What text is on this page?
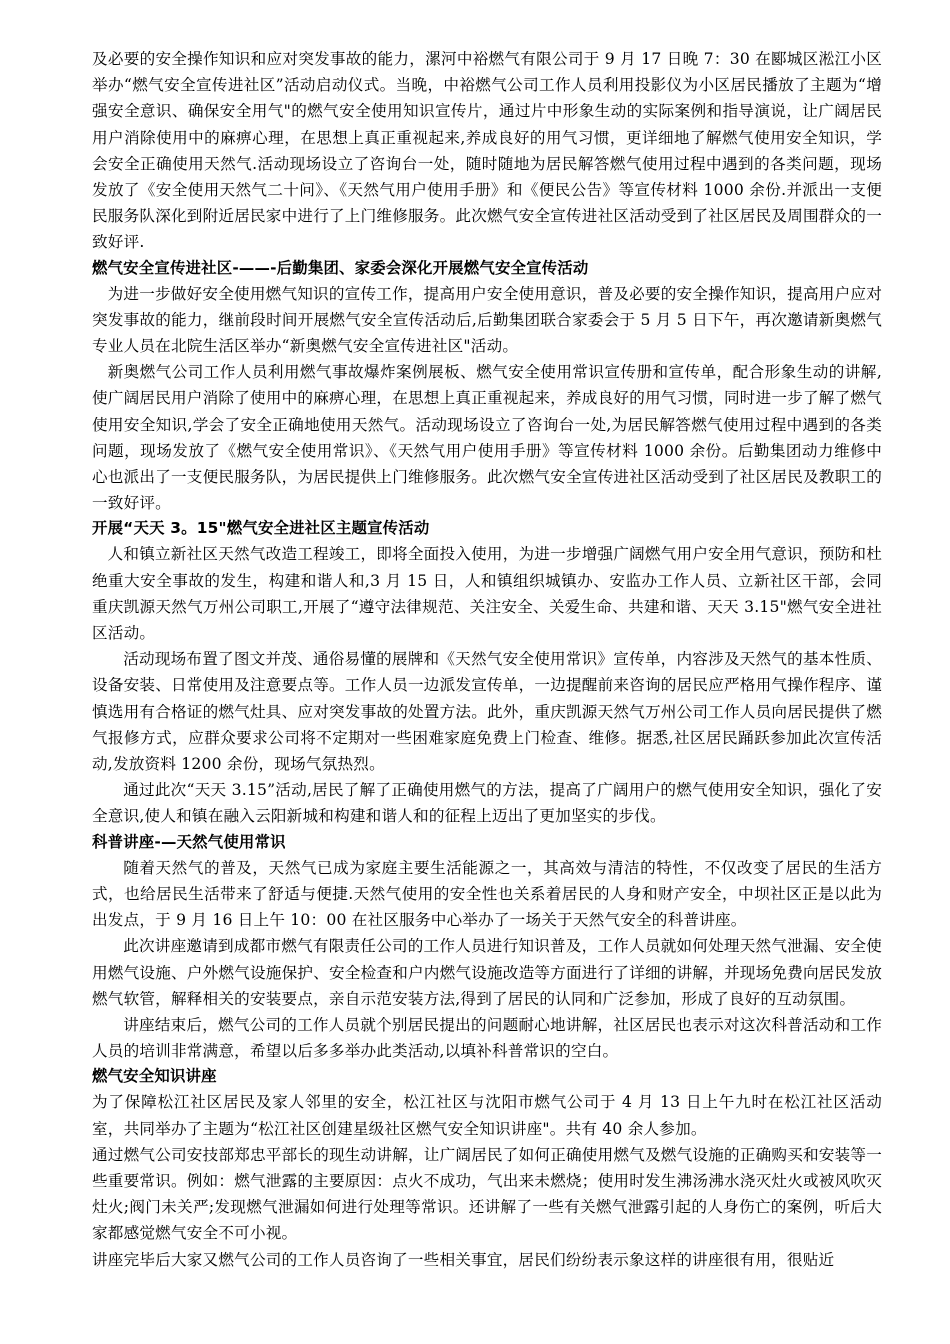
及必要的安全操作知识和应对突发事故的能力，漯河中裕燃气有限公司于 9 月 17 日晚 7：30 在郾城区淞江小区举办“燃气安全宣传进社区”活动启动仪式。当晚，中裕燃气公司工作人员利用投影仪为小区居民播放了主题为“增强安全意识、确保安全用气"的燃气安全使用知识宣传片，通过片中形象生动的实际案例和指导演说，让广阔居民用户消除使用中的麻痹心理，在思想上真正重视起来,养成良好的用气习惯，更详细地了解燃气使用安全知识，学会安全正确使用天然气.活动现场设立了咨询台一处，随时随地为居民解答燃气使用过程中遇到的各类问题，现场发放了《安全使用天然气二十问》、《天然气用户使用手册》和《便民公告》等宣传材料 1000 余份.并派出一支便民服务队深化到附近居民家中进行了上门维修服务。此次燃气安全宣传进社区活动受到了社区居民及周围群众的一致好评.

燃气安全宣传进社区-——-后勤集团、家委会深化开展燃气安全宣传活动

为进一步做好安全使用燃气知识的宣传工作，提高用户安全使用意识，普及必要的安全操作知识，提高用户应对突发事故的能力，继前段时间开展燃气安全宣传活动后,后勤集团联合家委会于 5 月 5 日下午，再次邀请新奥燃气专业人员在北院生活区举办“新奥燃气安全宣传进社区"活动。

新奥燃气公司工作人员利用燃气事故爆炸案例展板、燃气安全使用常识宣传册和宣传单，配合形象生动的讲解,使广阔居民用户消除了使用中的麻痹心理，在思想上真正重视起来，养成良好的用气习惯，同时进一步了解了燃气使用安全知识,学会了安全正确地使用天然气。活动现场设立了咨询台一处,为居民解答燃气使用过程中遇到的各类问题，现场发放了《燃气安全使用常识》、《天然气用户使用手册》等宣传材料 1000 余份。后勤集团动力维修中心也派出了一支便民服务队，为居民提供上门维修服务。此次燃气安全宣传进社区活动受到了社区居民及教职工的一致好评。

开展“天天 3。15"燃气安全进社区主题宣传活动

人和镇立新社区天然气改造工程竣工，即将全面投入使用，为进一步增强广阔燃气用户安全用气意识，预防和杜绝重大安全事故的发生，构建和谐人和,3 月 15 日，人和镇组织城镇办、安监办工作人员、立新社区干部，会同重庆凯源天然气万州公司职工,开展了“遵守法律规范、关注安全、关爱生命、共建和谐、天天 3.15"燃气安全进社区活动。

活动现场布置了图文并茂、通俗易懂的展牌和《天然气安全使用常识》宣传单，内容涉及天然气的基本性质、设备安装、日常使用及注意要点等。工作人员一边派发宣传单，一边提醒前来咨询的居民应严格用气操作程序、谨慎选用有合格证的燃气灶具、应对突发事故的处置方法。此外，重庆凯源天然气万州公司工作人员向居民提供了燃气报修方式，应群众要求公司将不定期对一些困难家庭免费上门检查、维修。据悉,社区居民踊跃参加此次宣传活动,发放资料 1200 余份，现场气氛热烈。

通过此次“天天 3.15”活动,居民了解了正确使用燃气的方法，提高了广阔用户的燃气使用安全知识，强化了安全意识,使人和镇在融入云阳新城和构建和谐人和的征程上迈出了更加坚实的步伐。

科普讲座-—天然气使用常识

随着天然气的普及，天然气已成为家庭主要生活能源之一，其高效与清洁的特性，不仅改变了居民的生活方式，也给居民生活带来了舒适与便捷.天然气使用的安全性也关系着居民的人身和财产安全，中坝社区正是以此为出发点，于 9 月 16 日上午 10：00 在社区服务中心举办了一场关于天然气安全的科普讲座。

此次讲座邀请到成都市燃气有限责任公司的工作人员进行知识普及，工作人员就如何处理天然气泄漏、安全使用燃气设施、户外燃气设施保护、安全检查和户内燃气设施改造等方面进行了详细的讲解，并现场免费向居民发放燃气软管，解释相关的安装要点，亲自示范安装方法,得到了居民的认同和广泛参加，形成了良好的互动氛围。

讲座结束后，燃气公司的工作人员就个别居民提出的问题耐心地讲解，社区居民也表示对这次科普活动和工作人员的培训非常满意，希望以后多多举办此类活动,以填补科普常识的空白。

燃气安全知识讲座

为了保障松江社区居民及家人邻里的安全，松江社区与沈阳市燃气公司于 4 月 13 日上午九时在松江社区活动室，共同举办了主题为“松江社区创建星级社区燃气安全知识讲座"。共有 40 余人参加。

通过燃气公司安技部郑忠平部长的现生动讲解，让广阔居民了如何正确使用燃气及燃气设施的正确购买和安装等一些重要常识。例如：燃气泄露的主要原因：点火不成功，气出来未燃烧；使用时发生沸汤沸水浇灭灶火或被风吹灭灶火;阀门未关严;发现燃气泄漏如何进行处理等常识。还讲解了一些有关燃气泄露引起的人身伤亡的案例，听后大家都感觉燃气安全不可小视。

讲座完毕后大家又燃气公司的工作人员咨询了一些相关事宜，居民们纷纷表示象这样的讲座很有用，很贴近
